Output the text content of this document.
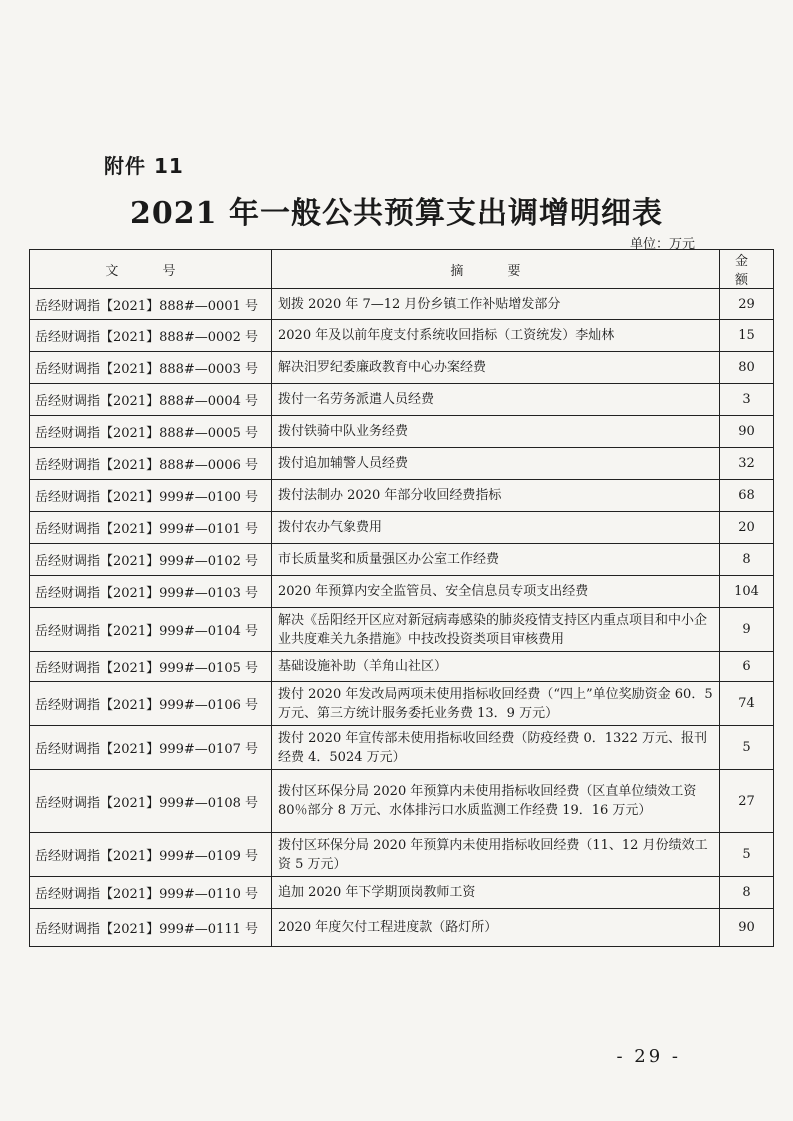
附件 11
2021 年一般公共预算支出调增明细表
单位：万元
文 号	摘 要	金 额
岳经财调指【2021】888#—0001 号	划拨 2020 年 7—12 月份乡镇工作补贴增发部分	29
岳经财调指【2021】888#—0002 号	2020 年及以前年度支付系统收回指标（工资统发）李灿林	15
岳经财调指【2021】888#—0003 号	解决汨罗纪委廉政教育中心办案经费	80
岳经财调指【2021】888#—0004 号	拨付一名劳务派遣人员经费	3
岳经财调指【2021】888#—0005 号	拨付铁骑中队业务经费	90
岳经财调指【2021】888#—0006 号	拨付追加辅警人员经费	32
岳经财调指【2021】999#—0100 号	拨付法制办 2020 年部分收回经费指标	68
岳经财调指【2021】999#—0101 号	拨付农办气象费用	20
岳经财调指【2021】999#—0102 号	市长质量奖和质量强区办公室工作经费	8
岳经财调指【2021】999#—0103 号	2020 年预算内安全监管员、安全信息员专项支出经费	104
岳经财调指【2021】999#—0104 号	解决《岳阳经开区应对新冠病毒感染的肺炎疫情支持区内重点项目和中小企业共度难关九条措施》中技改投资类项目审核费用	9
岳经财调指【2021】999#—0105 号	基础设施补助（羊角山社区）	6
岳经财调指【2021】999#—0106 号	拨付 2020 年发改局两项未使用指标收回经费（“四上”单位奖励资金 60．5 万元、第三方统计服务委托业务费 13．9 万元）	74
岳经财调指【2021】999#—0107 号	拨付 2020 年宣传部未使用指标收回经费（防疫经费 0．1322 万元、报刊经费 4．5024 万元）	5
岳经财调指【2021】999#—0108 号	拨付区环保分局 2020 年预算内未使用指标收回经费（区直单位绩效工资 80％部分 8 万元、水体排污口水质监测工作经费 19．16 万元）	27
岳经财调指【2021】999#—0109 号	拨付区环保分局 2020 年预算内未使用指标收回经费（11、12 月份绩效工资 5 万元）	5
岳经财调指【2021】999#—0110 号	追加 2020 年下学期顶岗教师工资	8
岳经财调指【2021】999#—0111 号	2020 年度欠付工程进度款（路灯所）	90
- 29 -
